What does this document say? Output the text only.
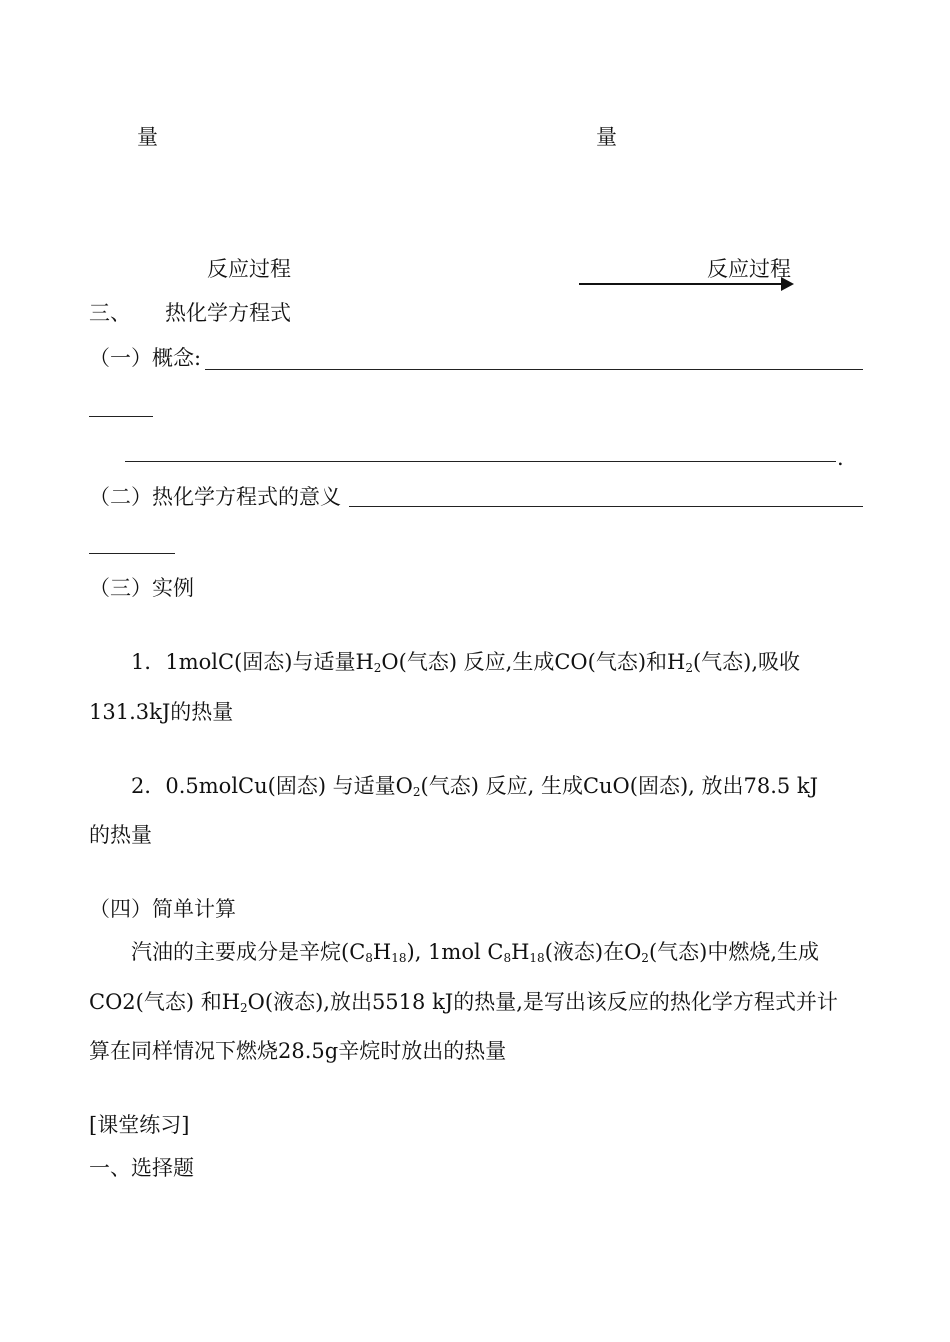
量	量
反应过程	反应过程
三、 热化学方程式
（一）概念:
.
（二）热化学方程式的意义
（三）实例
1．1molC(固态)与适量$H_2O$(气态) 反应,生成CO(气态)和$H_2$(气态),吸收
131.3kJ的热量
2．0.5molCu(固态) 与适量$O_2$(气态) 反应, 生成CuO(固态), 放出78.5 kJ
的热量
（四）简单计算
汽油的主要成分是辛烷$(C_8H_{18})$, 1mol $C_8H_{18}$(液态)在$O_2$(气态)中燃烧,生成
CO2(气态) 和$H_2O$(液态),放出5518 kJ的热量,是写出该反应的热化学方程式并计
算在同样情况下燃烧28.5g辛烷时放出的热量
[课堂练习]
一、选择题
